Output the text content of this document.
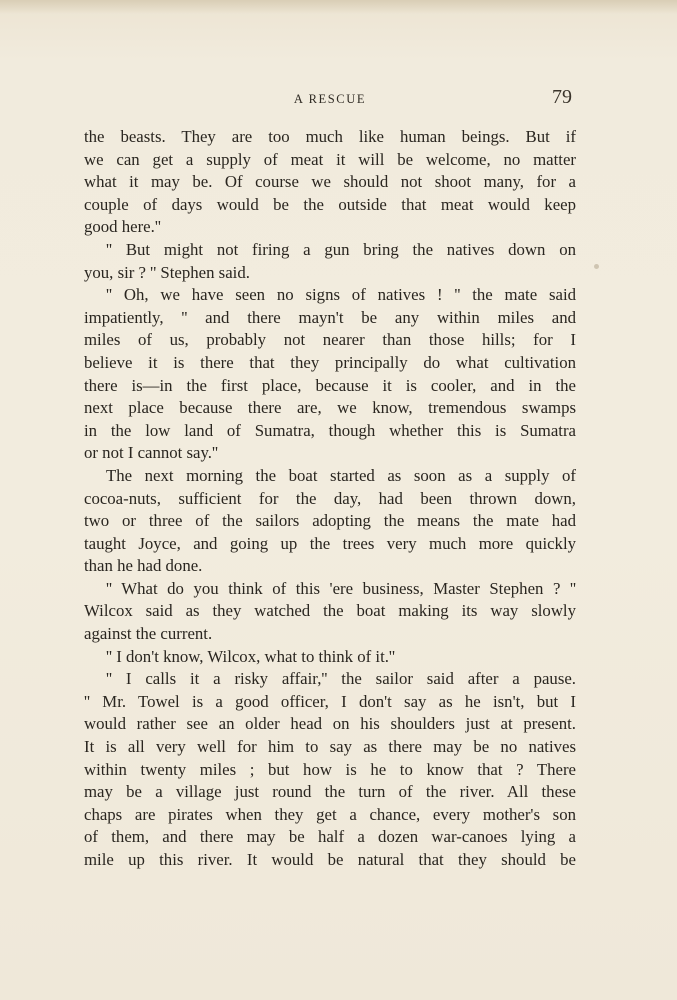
A RESCUE	79
the beasts. They are too much like human beings. But if
we can get a supply of meat it will be welcome, no matter
what it may be. Of course we should not shoot many, for a
couple of days would be the outside that meat would keep
good here.''
'' But might not firing a gun bring the natives down on
you, sir ? '' Stephen said.
'' Oh, we have seen no signs of natives ! '' the mate said
impatiently, '' and there mayn't be any within miles and
miles of us, probably not nearer than those hills; for I
believe it is there that they principally do what cultivation
there is—in the first place, because it is cooler, and in the
next place because there are, we know, tremendous swamps
in the low land of Sumatra, though whether this is Sumatra
or not I cannot say.''
The next morning the boat started as soon as a supply of
cocoa-nuts, sufficient for the day, had been thrown down,
two or three of the sailors adopting the means the mate had
taught Joyce, and going up the trees very much more quickly
than he had done.
'' What do you think of this 'ere business, Master Stephen ? ''
Wilcox said as they watched the boat making its way slowly
against the current.
'' I don't know, Wilcox, what to think of it.''
'' I calls it a risky affair,'' the sailor said after a pause.
'' Mr. Towel is a good officer, I don't say as he isn't, but I
would rather see an older head on his shoulders just at present.
It is all very well for him to say as there may be no natives
within twenty miles ; but how is he to know that ? There
may be a village just round the turn of the river. All these
chaps are pirates when they get a chance, every mother's son
of them, and there may be half a dozen war-canoes lying a
mile up this river. It would be natural that they should be
